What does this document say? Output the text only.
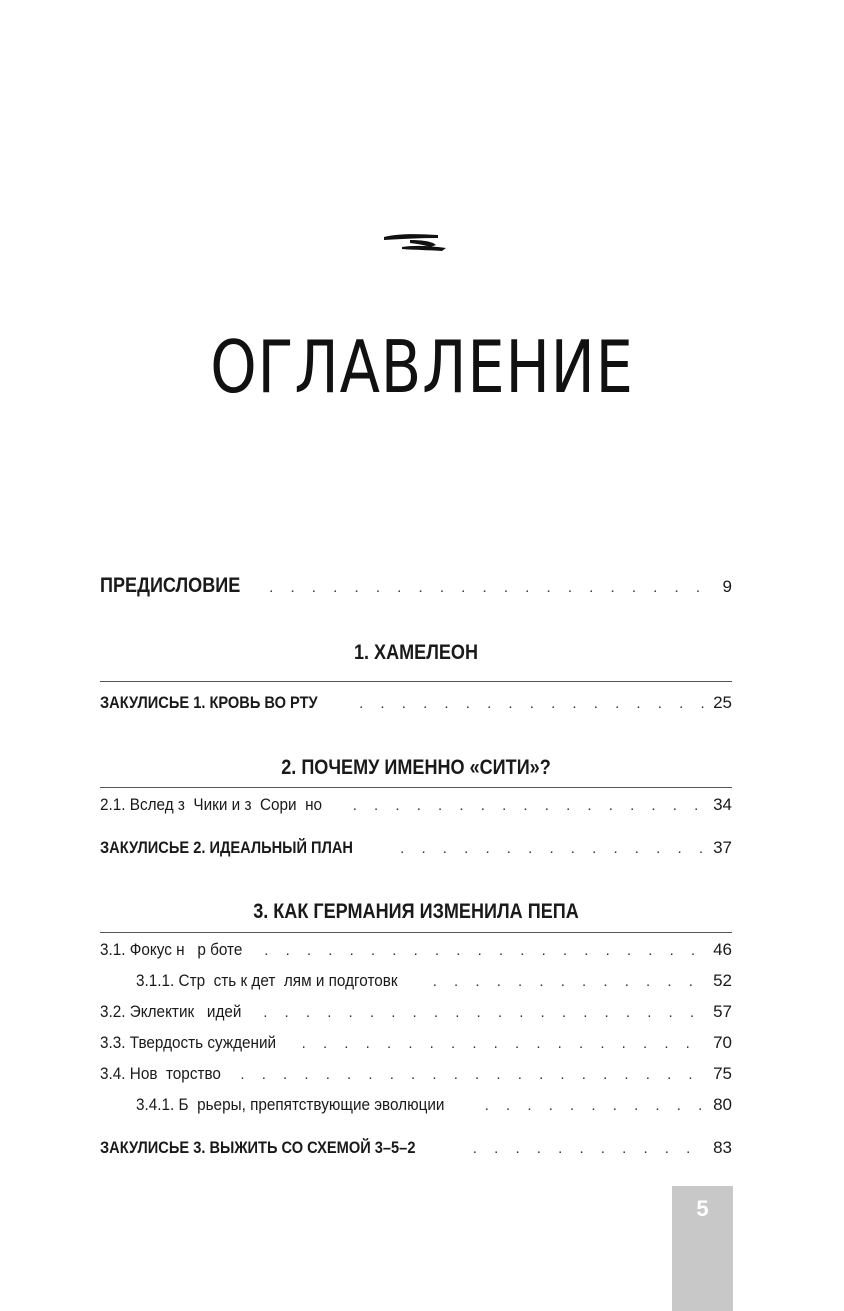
ОГЛАВЛЕНИЕ
ПРЕДИСЛОВИЕ . . .	9
1. ХАМЕЛЕОН
ЗАКУЛИСЬЕ 1. КРОВЬ ВО РТУ . . .	25
2. ПОЧЕМУ ИМЕННО «СИТИ»?
2.1. Вслед з  Чики и з  Сори  но . . .	34
ЗАКУЛИСЬЕ 2. ИДЕАЛЬНЫЙ ПЛАН . . .	37
3. КАК ГЕРМАНИЯ ИЗМЕНИЛА ПЕПА
3.1. Фокус н   р боте . . .	46
3.1.1. Стр  сть к дет  лям и подготовк . . .	52
3.2. Эклектик   идей . . .	57
3.3. Твердость суждений . . .	70
3.4. Нов  торство . . .	75
3.4.1. Б  рьеры, препятствующие эволюции . . .	80
ЗАКУЛИСЬЕ 3. ВЫЖИТЬ СО СХЕМОЙ 3–5–2 . . .	83
5
